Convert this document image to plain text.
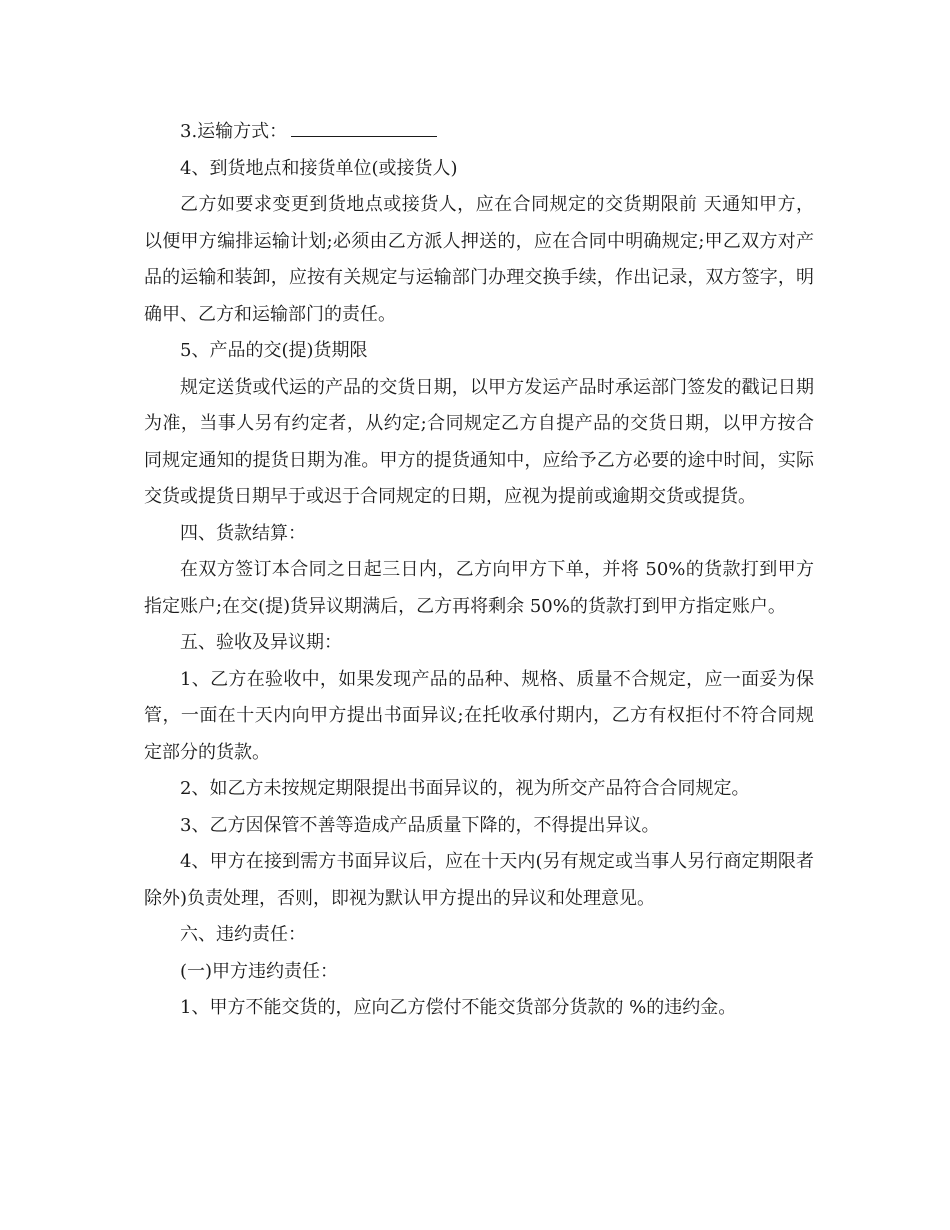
3.运输方式：

4、到货地点和接货单位(或接货人)

乙方如要求变更到货地点或接货人，应在合同规定的交货期限前 天通知甲方，以便甲方编排运输计划;必须由乙方派人押送的，应在合同中明确规定;甲乙双方对产品的运输和装卸，应按有关规定与运输部门办理交换手续，作出记录，双方签字，明确甲、乙方和运输部门的责任。

5、产品的交(提)货期限

规定送货或代运的产品的交货日期，以甲方发运产品时承运部门签发的戳记日期为准，当事人另有约定者，从约定;合同规定乙方自提产品的交货日期，以甲方按合同规定通知的提货日期为准。甲方的提货通知中，应给予乙方必要的途中时间，实际交货或提货日期早于或迟于合同规定的日期，应视为提前或逾期交货或提货。

四、货款结算：

在双方签订本合同之日起三日内，乙方向甲方下单，并将 50%的货款打到甲方指定账户;在交(提)货异议期满后，乙方再将剩余 50%的货款打到甲方指定账户。

五、验收及异议期：

1、乙方在验收中，如果发现产品的品种、规格、质量不合规定，应一面妥为保管，一面在十天内向甲方提出书面异议;在托收承付期内，乙方有权拒付不符合同规定部分的货款。

2、如乙方未按规定期限提出书面异议的，视为所交产品符合合同规定。

3、乙方因保管不善等造成产品质量下降的，不得提出异议。

4、甲方在接到需方书面异议后，应在十天内(另有规定或当事人另行商定期限者除外)负责处理，否则，即视为默认甲方提出的异议和处理意见。

六、违约责任：

(一)甲方违约责任：

1、甲方不能交货的，应向乙方偿付不能交货部分货款的 %的违约金。
